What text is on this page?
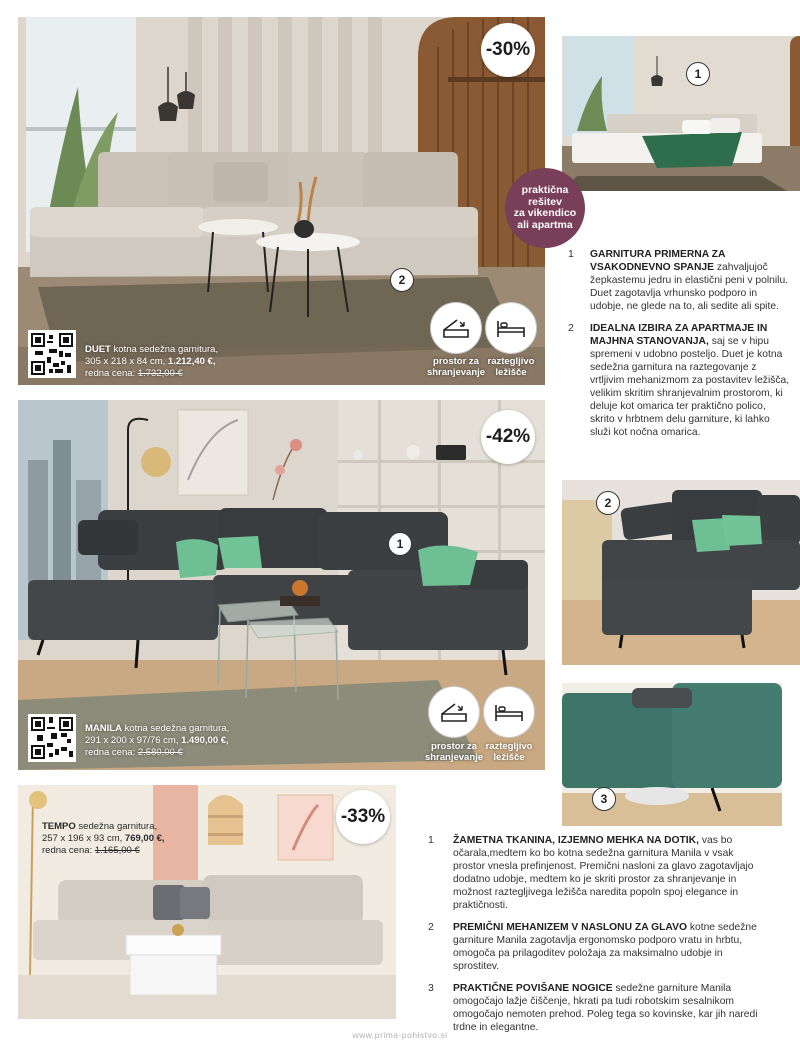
-30%
2
DUET kotna sedežna garnitura,
305 x 218 x 84 cm, 1.212,40 €,
redna cena: 1.732,00 €
prostor za shranjevanje
raztegljivo ležišče
1
praktična
rešitev
za vikendico
ali apartma
1 GARNITURA PRIMERNA ZA VSAKODNEVNO SPANJE zahvaljujoč žepkastemu jedru in elastični peni v polnilu. Duet zagotavlja vrhunsko podporo in udobje, ne glede na to, ali sedite ali spite.
2 IDEALNA IZBIRA ZA APARTMAJE IN MAJHNA STANOVANJA, saj se v hipu spremeni v udobno posteljo. Duet je kotna sedežna garnitura na raztegovanje z vrtljivim mehanizmom za postavitev ležišča, velikim skritim shranjevalnim prostorom, ki deluje kot omarica ter praktično polico, skrito v hrbtnem delu garniture, ki lahko služi kot nočna omarica.
-42%
1
MANILA kotna sedežna garnitura,
291 x 200 x 97/76 cm, 1.490,00 €,
redna cena: 2.580,00 €
prostor za shranjevanje
raztegljivo ležišče
2
3
-33%
TEMPO sedežna garnitura,
257 x 196 x 93 cm, 769,00 €,
redna cena: 1.165,00 €
1 ŽAMETNA TKANINA, IZJEMNO MEHKA NA DOTIK, vas bo očarala,medtem ko bo kotna sedežna garnitura Manila v vsak prostor vnesla prefinjenost. Premični nasloni za glavo zagotavljajo dodatno udobje, medtem ko je skriti prostor za shranjevanje in možnost raztegljivega ležišča naredita popoln spoj elegance in praktičnosti.
2 PREMIČNI MEHANIZEM V NASLONU ZA GLAVO kotne sedežne garniture Manila zagotavlja ergonomsko podporo vratu in hrbtu, omogoča pa prilagoditev položaja za maksimalno udobje in sprostitev.
3 PRAKTIČNE POVIŠANE NOGICE sedežne garniture Manila omogočajo lažje čiščenje, hkrati pa tudi robotskim sesalnikom omogočajo nemoten prehod. Poleg tega so kovinske, kar jih naredi trdne in elegantne.
www.prima-pohistvo.si
